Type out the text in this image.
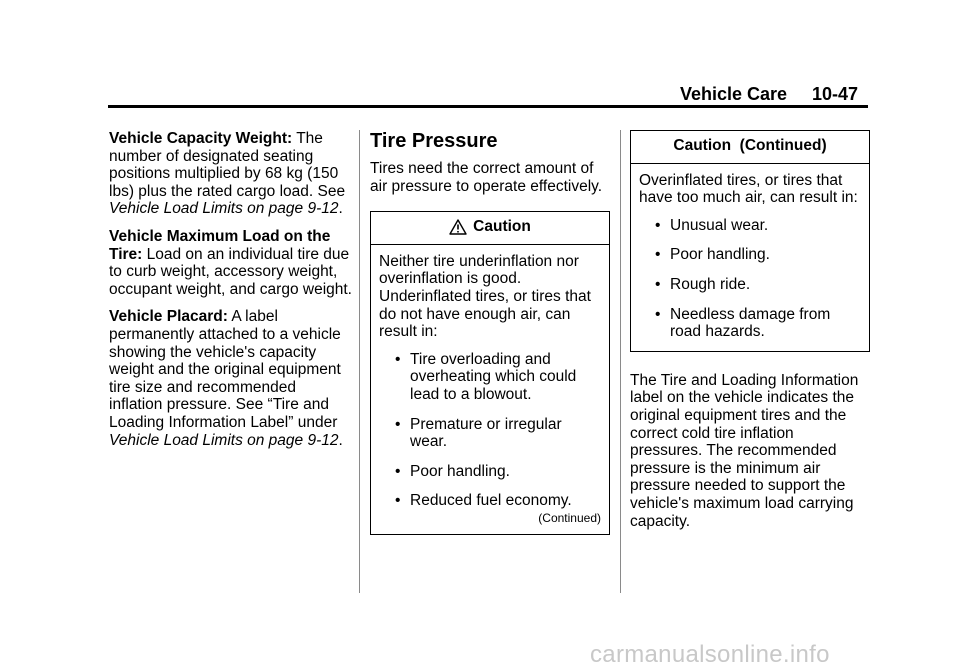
Vehicle Care 10-47

Vehicle Capacity Weight: The number of designated seating positions multiplied by 68 kg (150 lbs) plus the rated cargo load. See Vehicle Load Limits on page 9-12.

Vehicle Maximum Load on the Tire: Load on an individual tire due to curb weight, accessory weight, occupant weight, and cargo weight.

Vehicle Placard: A label permanently attached to a vehicle showing the vehicle's capacity weight and the original equipment tire size and recommended inflation pressure. See “Tire and Loading Information Label” under Vehicle Load Limits on page 9-12.

Tire Pressure

Tires need the correct amount of air pressure to operate effectively.

Caution
Neither tire underinflation nor overinflation is good. Underinflated tires, or tires that do not have enough air, can result in:
• Tire overloading and overheating which could lead to a blowout.
• Premature or irregular wear.
• Poor handling.
• Reduced fuel economy.
(Continued)
Caution  (Continued)
Overinflated tires, or tires that have too much air, can result in:
• Unusual wear.
• Poor handling.
• Rough ride.
• Needless damage from road hazards.

The Tire and Loading Information label on the vehicle indicates the original equipment tires and the correct cold tire inflation pressures. The recommended pressure is the minimum air pressure needed to support the vehicle's maximum load carrying capacity.

carmanualsonline.info
